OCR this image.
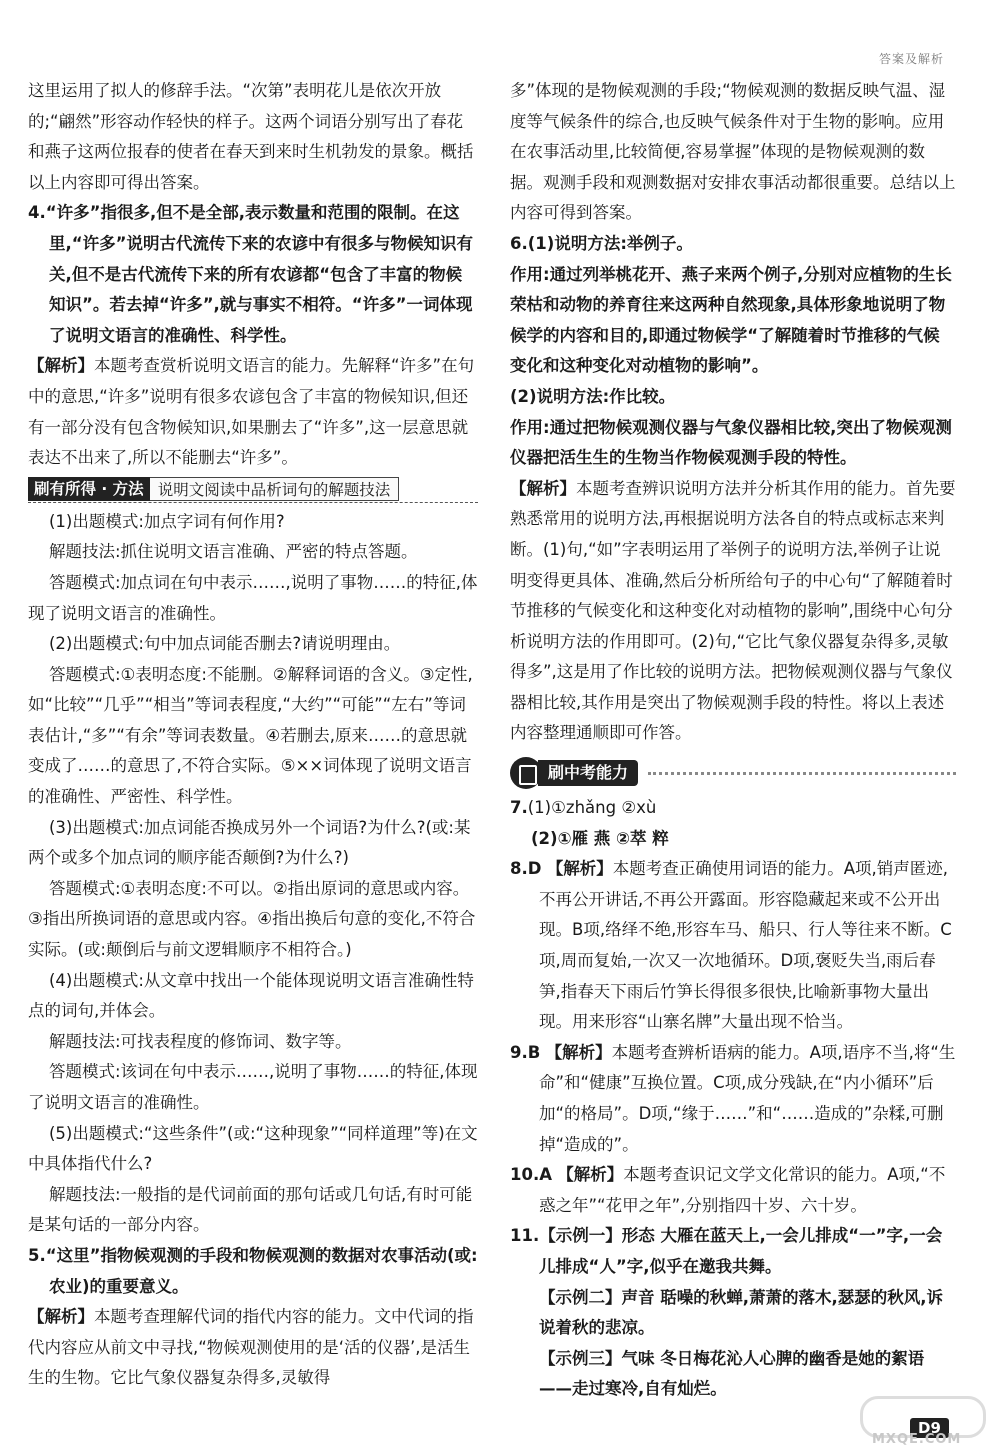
答案及解析

这里运用了拟人的修辞手法。“次第”表明花儿是依次开放的;“翩然”形容动作轻快的样子。这两个词语分别写出了春花和燕子这两位报春的使者在春天到来时生机勃发的景象。概括以上内容即可得出答案。

4.“许多”指很多,但不是全部,表示数量和范围的限制。在这里,“许多”说明古代流传下来的农谚中有很多与物候知识有关,但不是古代流传下来的所有农谚都“包含了丰富的物候知识”。若去掉“许多”,就与事实不相符。“许多”一词体现了说明文语言的准确性、科学性。

【解析】本题考查赏析说明文语言的能力。先解释“许多”在句中的意思,“许多”说明有很多农谚包含了丰富的物候知识,但还有一部分没有包含物候知识,如果删去了“许多”,这一层意思就表达不出来了,所以不能删去“许多”。

刷有所得 · 方法 说明文阅读中品析词句的解题技法

(1)出题模式:加点字词有何作用?

解题技法:抓住说明文语言准确、严密的特点答题。

答题模式:加点词在句中表示……,说明了事物……的特征,体现了说明文语言的准确性。

(2)出题模式:句中加点词能否删去?请说明理由。

答题模式:①表明态度:不能删。②解释词语的含义。③定性,如“比较”“几乎”“相当”等词表程度,“大约”“可能”“左右”等词表估计,“多”“有余”等词表数量。④若删去,原来……的意思就变成了……的意思了,不符合实际。⑤××词体现了说明文语言的准确性、严密性、科学性。

(3)出题模式:加点词能否换成另外一个词语?为什么?(或:某两个或多个加点词的顺序能否颠倒?为什么?)

答题模式:①表明态度:不可以。②指出原词的意思或内容。③指出所换词语的意思或内容。④指出换后句意的变化,不符合实际。(或:颠倒后与前文逻辑顺序不相符合。)

(4)出题模式:从文章中找出一个能体现说明文语言准确性特点的词句,并体会。

解题技法:可找表程度的修饰词、数字等。

答题模式:该词在句中表示……,说明了事物……的特征,体现了说明文语言的准确性。

(5)出题模式:“这些条件”(或:“这种现象”“同样道理”等)在文中具体指代什么?

解题技法:一般指的是代词前面的那句话或几句话,有时可能是某句话的一部分内容。

5.“这里”指物候观测的手段和物候观测的数据对农事活动(或:农业)的重要意义。

【解析】本题考查理解代词的指代内容的能力。文中代词的指代内容应从前文中寻找,“物候观测使用的是‘活的仪器’,是活生生的生物。它比气象仪器复杂得多,灵敏得

多”体现的是物候观测的手段;“物候观测的数据反映气温、湿度等气候条件的综合,也反映气候条件对于生物的影响。应用在农事活动里,比较简便,容易掌握”体现的是物候观测的数据。观测手段和观测数据对安排农事活动都很重要。总结以上内容可得到答案。

6.(1)说明方法:举例子。

作用:通过列举桃花开、燕子来两个例子,分别对应植物的生长荣枯和动物的养育往来这两种自然现象,具体形象地说明了物候学的内容和目的,即通过物候学“了解随着时节推移的气候变化和这种变化对动植物的影响”。

(2)说明方法:作比较。

作用:通过把物候观测仪器与气象仪器相比较,突出了物候观测仪器把活生生的生物当作物候观测手段的特性。

【解析】本题考查辨识说明方法并分析其作用的能力。首先要熟悉常用的说明方法,再根据说明方法各自的特点或标志来判断。(1)句,“如”字表明运用了举例子的说明方法,举例子让说明变得更具体、准确,然后分析所给句子的中心句“了解随着时节推移的气候变化和这种变化对动植物的影响”,围绕中心句分析说明方法的作用即可。(2)句,“它比气象仪器复杂得多,灵敏得多”,这是用了作比较的说明方法。把物候观测仪器与气象仪器相比较,其作用是突出了物候观测手段的特性。将以上表述内容整理通顺即可作答。

刷中考能力

7.(1)①zhǎng ②xù

(2)①雁 燕 ②萃 粹

8.D 【解析】本题考查正确使用词语的能力。A项,销声匿迹,不再公开讲话,不再公开露面。形容隐藏起来或不公开出现。B项,络绎不绝,形容车马、船只、行人等往来不断。C项,周而复始,一次又一次地循环。D项,褒贬失当,雨后春笋,指春天下雨后竹笋长得很多很快,比喻新事物大量出现。用来形容“山寨名牌”大量出现不恰当。

9.B 【解析】本题考查辨析语病的能力。A项,语序不当,将“生命”和“健康”互换位置。C项,成分残缺,在“内小循环”后加“的格局”。D项,“缘于……”和“……造成的”杂糅,可删掉“造成的”。

10.A 【解析】本题考查识记文学文化常识的能力。A项,“不惑之年”“花甲之年”,分别指四十岁、六十岁。

11.【示例一】形态 大雁在蓝天上,一会儿排成“一”字,一会儿排成“人”字,似乎在邀我共舞。

【示例二】声音 聒噪的秋蝉,萧萧的落木,瑟瑟的秋风,诉说着秋的悲凉。

【示例三】气味 冬日梅花沁人心脾的幽香是她的絮语——走过寒冷,自有灿烂。

D9
MXQE.COM
